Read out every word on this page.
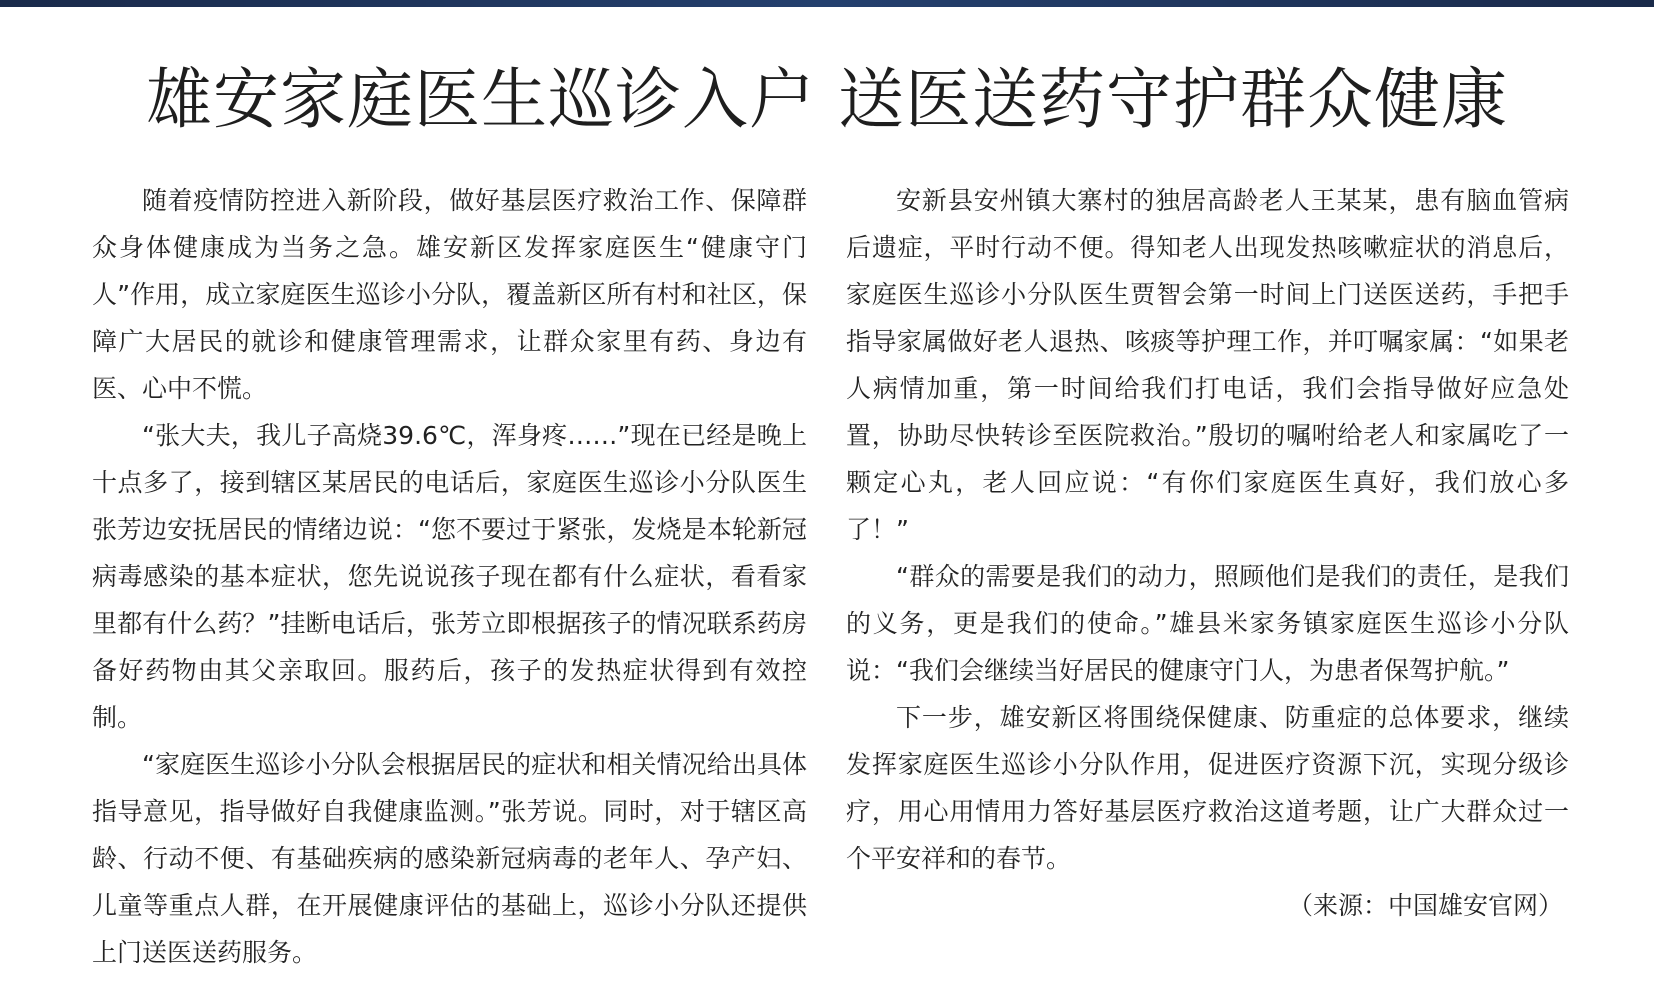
雄安家庭医生巡诊入户 送医送药守护群众健康

随着疫情防控进入新阶段，做好基层医疗救治工作、保障群众身体健康成为当务之急。雄安新区发挥家庭医生“健康守门人”作用，成立家庭医生巡诊小分队，覆盖新区所有村和社区，保障广大居民的就诊和健康管理需求，让群众家里有药、身边有医、心中不慌。

“张大夫，我儿子高烧39.6℃，浑身疼……”现在已经是晚上十点多了，接到辖区某居民的电话后，家庭医生巡诊小分队医生张芳边安抚居民的情绪边说：“您不要过于紧张，发烧是本轮新冠病毒感染的基本症状，您先说说孩子现在都有什么症状，看看家里都有什么药？”挂断电话后，张芳立即根据孩子的情况联系药房备好药物由其父亲取回。服药后，孩子的发热症状得到有效控制。

“家庭医生巡诊小分队会根据居民的症状和相关情况给出具体指导意见，指导做好自我健康监测。”张芳说。同时，对于辖区高龄、行动不便、有基础疾病的感染新冠病毒的老年人、孕产妇、儿童等重点人群，在开展健康评估的基础上，巡诊小分队还提供上门送医送药服务。

安新县安州镇大寨村的独居高龄老人王某某，患有脑血管病后遗症，平时行动不便。得知老人出现发热咳嗽症状的消息后，家庭医生巡诊小分队医生贾智会第一时间上门送医送药，手把手指导家属做好老人退热、咳痰等护理工作，并叮嘱家属：“如果老人病情加重，第一时间给我们打电话，我们会指导做好应急处置，协助尽快转诊至医院救治。”殷切的嘱咐给老人和家属吃了一颗定心丸，老人回应说：“有你们家庭医生真好，我们放心多了！”

“群众的需要是我们的动力，照顾他们是我们的责任，是我们的义务，更是我们的使命。”雄县米家务镇家庭医生巡诊小分队说：“我们会继续当好居民的健康守门人，为患者保驾护航。”

下一步，雄安新区将围绕保健康、防重症的总体要求，继续发挥家庭医生巡诊小分队作用，促进医疗资源下沉，实现分级诊疗，用心用情用力答好基层医疗救治这道考题，让广大群众过一个平安祥和的春节。

（来源：中国雄安官网）
